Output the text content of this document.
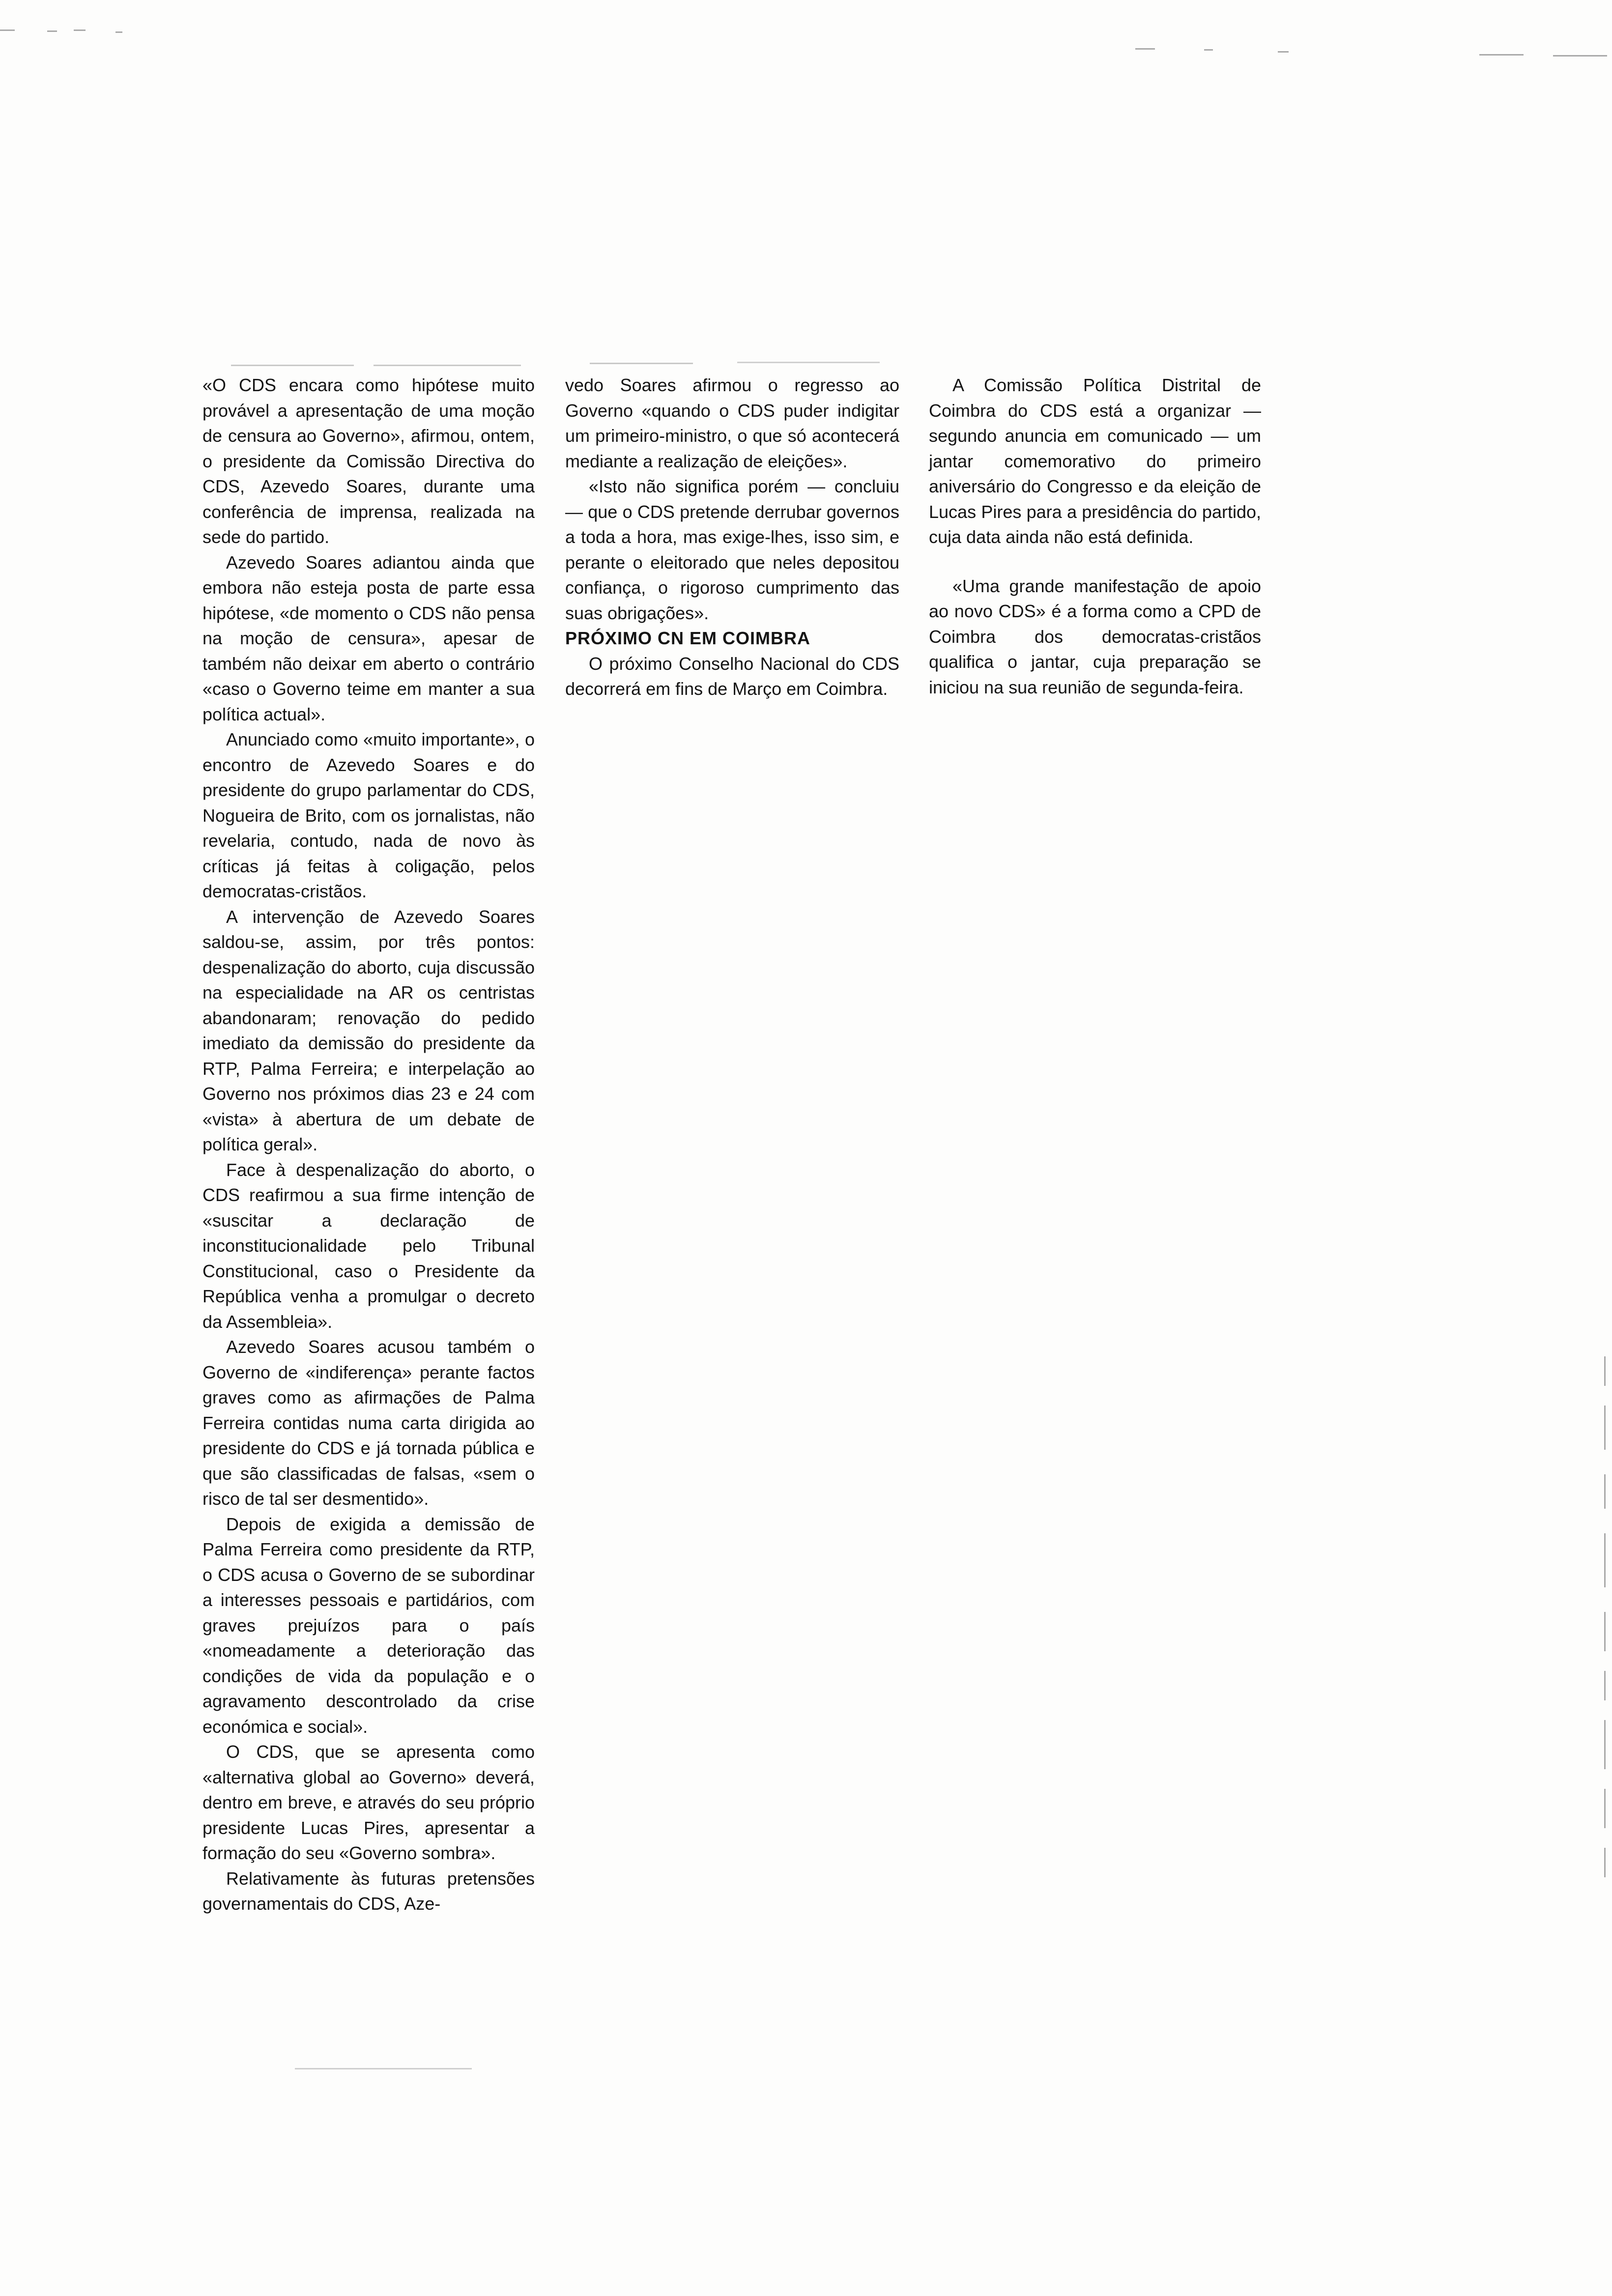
«O CDS encara como hipótese muito provável a apresentação de uma moção de censura ao Governo», afirmou, ontem, o presidente da Comissão Directiva do CDS, Azevedo Soares, durante uma conferência de imprensa, realizada na sede do partido.

Azevedo Soares adiantou ainda que embora não esteja posta de parte essa hipótese, «de momento o CDS não pensa na moção de censura», apesar de também não deixar em aberto o contrário «caso o Governo teime em manter a sua política actual».

Anunciado como «muito importante», o encontro de Azevedo Soares e do presidente do grupo parlamentar do CDS, Nogueira de Brito, com os jornalistas, não revelaria, contudo, nada de novo às críticas já feitas à coligação, pelos democratas-cristãos.

A intervenção de Azevedo Soares saldou-se, assim, por três pontos: despenalização do aborto, cuja discussão na especialidade na AR os centristas abandonaram; renovação do pedido imediato da demissão do presidente da RTP, Palma Ferreira; e interpelação ao Governo nos próximos dias 23 e 24 com «vista» à abertura de um debate de política geral».

Face à despenalização do aborto, o CDS reafirmou a sua firme intenção de «suscitar a declaração de inconstitucionalidade pelo Tribunal Constitucional, caso o Presidente da República venha a promulgar o decreto da Assembleia».

Azevedo Soares acusou também o Governo de «indiferença» perante factos graves como as afirmações de Palma Ferreira contidas numa carta dirigida ao presidente do CDS e já tornada pública e que são classificadas de falsas, «sem o risco de tal ser desmentido».

Depois de exigida a demissão de Palma Ferreira como presidente da RTP, o CDS acusa o Governo de se subordinar a interesses pessoais e partidários, com graves prejuízos para o país «nomeadamente a deterioração das condições de vida da população e o agravamento descontrolado da crise económica e social».

O CDS, que se apresenta como «alternativa global ao Governo» deverá, dentro em breve, e através do seu próprio presidente Lucas Pires, apresentar a formação do seu «Governo sombra».

Relativamente às futuras pretensões governamentais do CDS, Aze-

vedo Soares afirmou o regresso ao Governo «quando o CDS puder indigitar um primeiro-ministro, o que só acontecerá mediante a realização de eleições».

«Isto não significa porém — concluiu — que o CDS pretende derrubar governos a toda a hora, mas exige-lhes, isso sim, e perante o eleitorado que neles depositou confiança, o rigoroso cumprimento das suas obrigações».

PRÓXIMO CN EM COIMBRA

O próximo Conselho Nacional do CDS decorrerá em fins de Março em Coimbra.

A Comissão Política Distrital de Coimbra do CDS está a organizar — segundo anuncia em comunicado — um jantar comemorativo do primeiro aniversário do Congresso e da eleição de Lucas Pires para a presidência do partido, cuja data ainda não está definida.

«Uma grande manifestação de apoio ao novo CDS» é a forma como a CPD de Coimbra dos democratas-cristãos qualifica o jantar, cuja preparação se iniciou na sua reunião de segunda-feira.
